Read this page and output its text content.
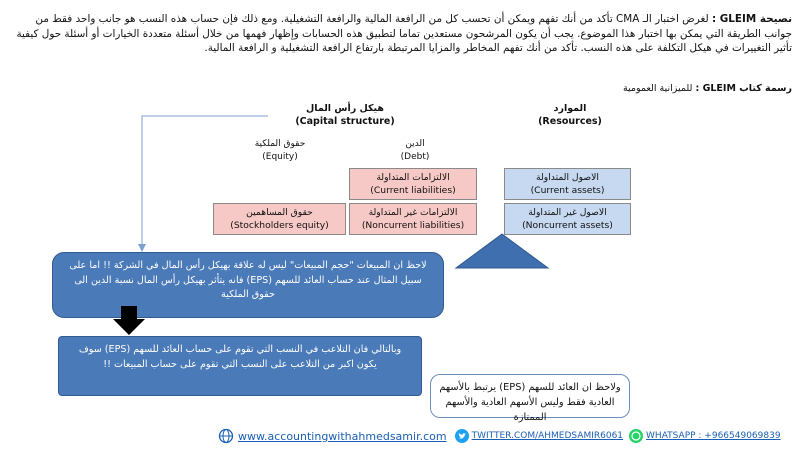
نصيحة GLEIM : لغرض اختبار الـ CMA تأكد من أنك تفهم ويمكن أن تحسب كل من الرافعة المالية والرافعة التشغيلية. ومع ذلك فإن حساب هذه النسب هو جانب واحد فقط من جوانب الطريقة التي يمكن بها اختبار هذا الموضوع. يجب أن يكون المرشحون مستعدين تماما لتطبيق هذه الحسابات وإظهار فهمها من خلال أسئلة متعددة الخيارات أو أسئلة حول كيفية تأثير التغييرات في هيكل التكلفة على هذه النسب. تأكد من أنك تفهم المخاطر والمزايا المرتبطة بارتفاع الرافعة التشغيلية و الرافعة المالية.
رسمة كتاب GLEIM : للميزانية العمومية
هيكل رأس المال
(Capital structure)
الموارد
(Resources)
حقوق الملكية
(Equity)
الدين
(Debt)
الالتزامات المتداولة
(Current liabilities)
الاصول المتداولة
(Current assets)
حقوق المساهمين
(Stockholders equity)
الالتزامات غير المتداولة
(Noncurrent liabilities)
الاصول غير المتداولة
(Noncurrent assets)
لاحظ ان المبيعات "حجم المبيعات" ليس له علاقة بهيكل رأس المال في الشركة !! اما على سبيل المثال عند حساب العائد للسهم (EPS) فانه يتأثر بهيكل رأس المال نسبة الدين الى حقوق الملكية
وبالتالي فان التلاعب في النسب التي تقوم على حساب العائد للسهم (EPS) سوف يكون اكبر من التلاعب على النسب التي تقوم على حساب المبيعات !!
ولاحظ ان العائد للسهم (EPS) يرتبط بالأسهم العادية فقط وليس الأسهم العادية والأسهم الممتازة
www.accountingwithahmedsamir.com	TWITTER.COM/AHMEDSAMIR6061	WHATSAPP : +966549069839
